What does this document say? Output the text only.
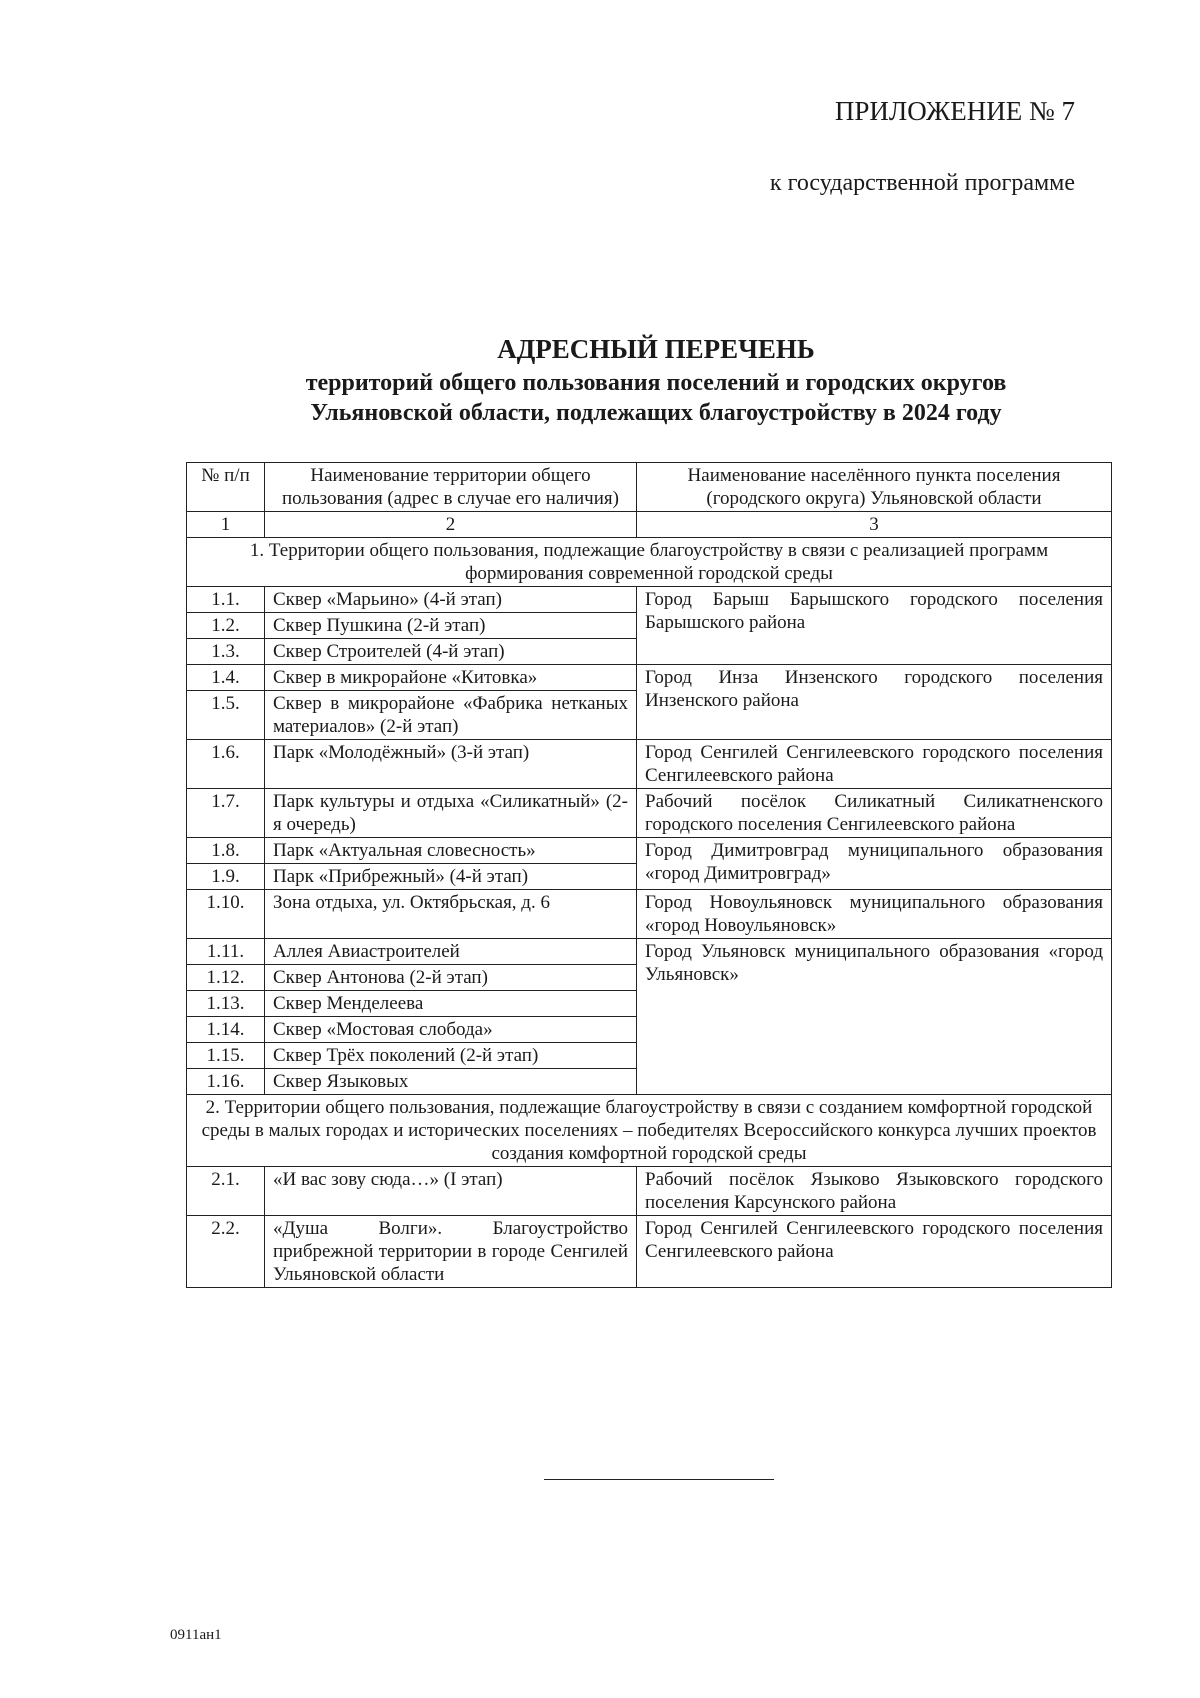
ПРИЛОЖЕНИЕ № 7

к государственной программе

АДРЕСНЫЙ ПЕРЕЧЕНЬ

территорий общего пользования поселений и городских округов

Ульяновской области, подлежащих благоустройству в 2024 году

№ п/п	Наименование территории общего пользования (адрес в случае его наличия)	Наименование населённого пункта поселения (городского округа) Ульяновской области
1	2	3
1. Территории общего пользования, подлежащие благоустройству в связи с реализацией программ формирования современной городской среды		
1.1.	Сквер «Марьино» (4-й этап)	Город Барыш Барышского городского поселения Барышского района
1.2.	Сквер Пушкина (2-й этап)	
1.3.	Сквер Строителей (4-й этап)	
1.4.	Сквер в микрорайоне «Китовка»	Город Инза Инзенского городского поселения Инзенского района
1.5.	Сквер в микрорайоне «Фабрика нетканых материалов» (2-й этап)	
1.6.	Парк «Молодёжный» (3-й этап)	Город Сенгилей Сенгилеевского городского поселения Сенгилеевского района
1.7.	Парк культуры и отдыха «Силикатный» (2-я очередь)	Рабочий посёлок Силикатный Силикатненского городского поселения Сенгилеевского района
1.8.	Парк «Актуальная словесность»	Город Димитровград муниципального образования «город Димитровград»
1.9.	Парк «Прибрежный» (4-й этап)	
1.10.	Зона отдыха, ул. Октябрьская, д. 6	Город Новоульяновск муниципального образования «город Новоульяновск»
1.11.	Аллея Авиастроителей	Город Ульяновск муниципального образования «город Ульяновск»
1.12.	Сквер Антонова (2-й этап)	
1.13.	Сквер Менделеева	
1.14.	Сквер «Мостовая слобода»	
1.15.	Сквер Трёх поколений (2-й этап)	
1.16.	Сквер Языковых	
2. Территории общего пользования, подлежащие благоустройству в связи с созданием комфортной городской среды в малых городах и исторических поселениях – победителях Всероссийского конкурса лучших проектов создания комфортной городской среды		
2.1.	«И вас зову сюда…» (I этап)	Рабочий посёлок Языково Языковского городского поселения Карсунского района
2.2.	«Душа Волги». Благоустройство прибрежной территории в городе Сенгилей Ульяновской области	Город Сенгилей Сенгилеевского городского поселения Сенгилеевского района

0911ан1
